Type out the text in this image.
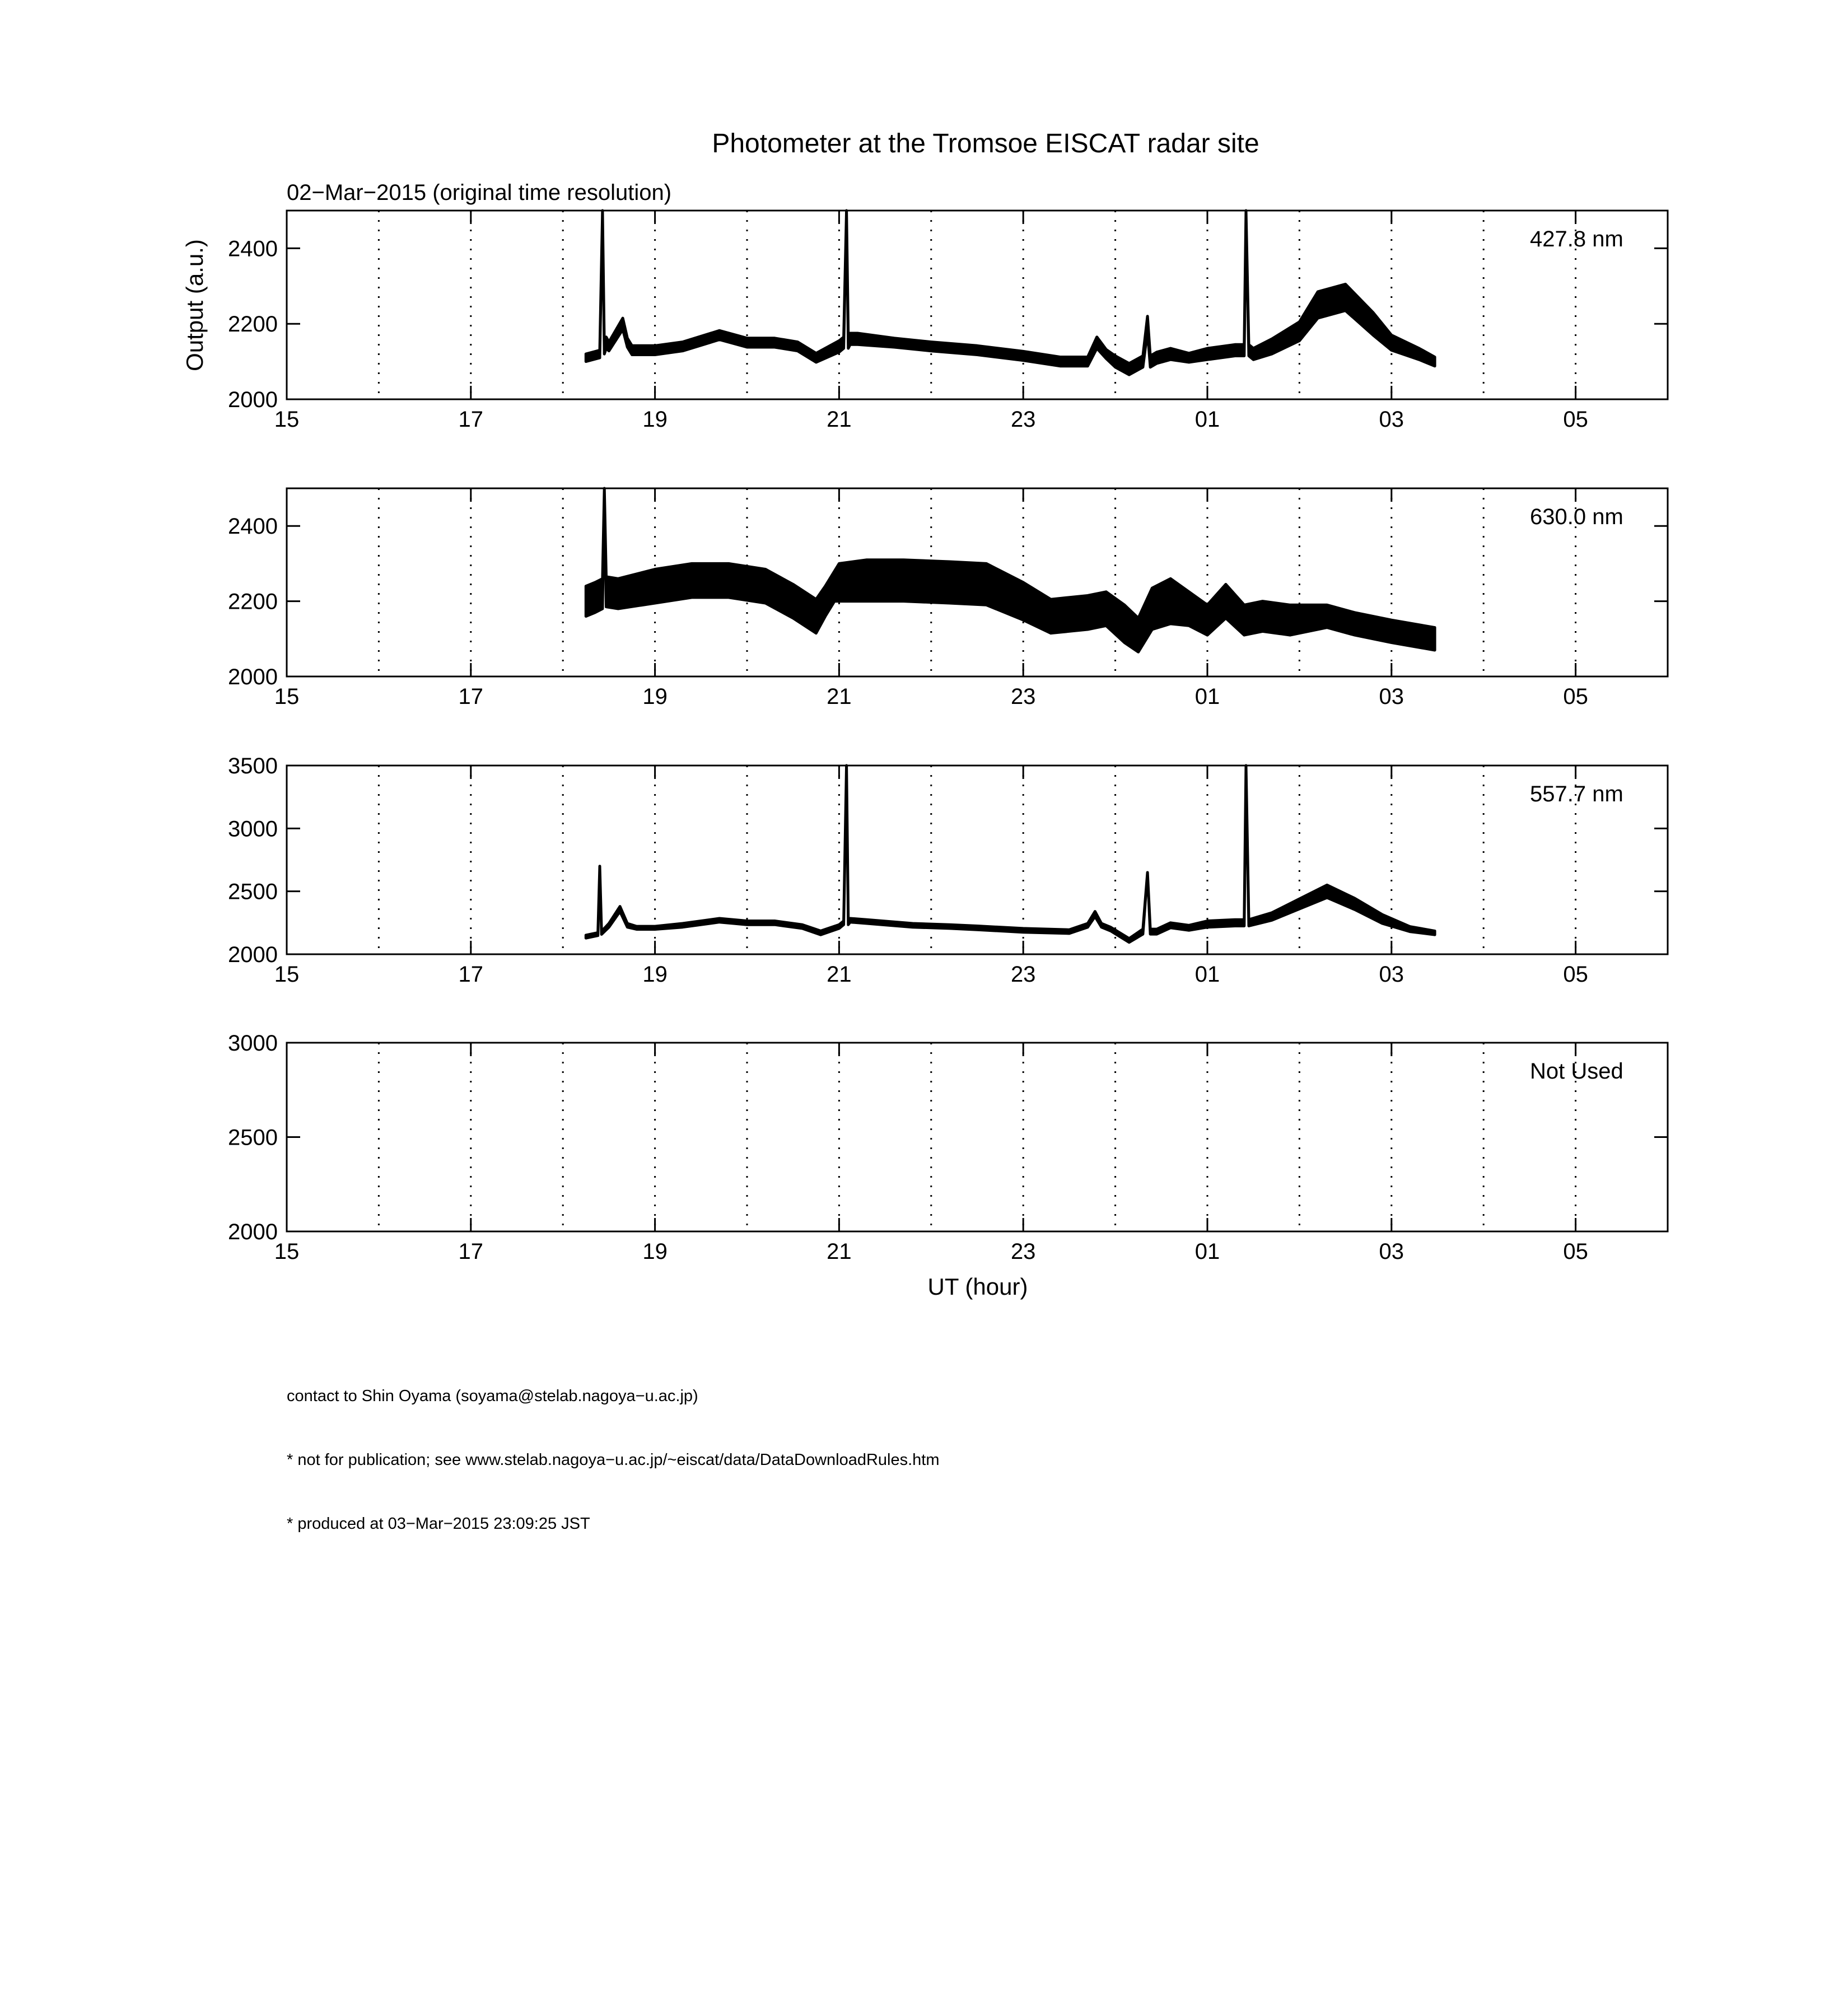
Photometer at the Tromsoe EISCAT radar site
02−Mar−2015 (original time resolution)
Output (a.u.)
UT (hour)
15	17	19	21	23	01	03	05
2000
2200
2400	427.8 nm
15	17	19	21	23	01	03	05
2000
2200
2400	630.0 nm
15	17	19	21	23	01	03	05
2000
2500
3000
3500
557.7 nm
15	17	19	21	23	01	03	05
2000
2500
3000
Not Used

contact to Shin Oyama (soyama@stelab.nagoya−u.ac.jp)

* not for publication; see www.stelab.nagoya−u.ac.jp/~eiscat/data/DataDownloadRules.htm

* produced at 03−Mar−2015 23:09:25 JST
